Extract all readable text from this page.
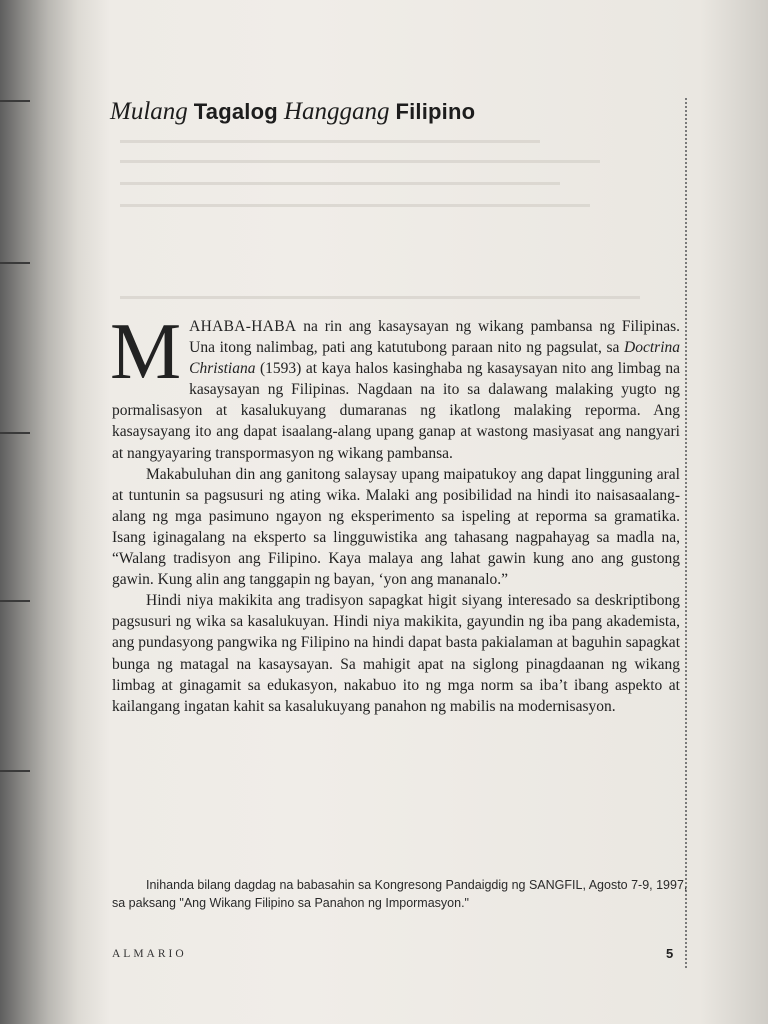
Mulang Tagalog Hanggang Filipino

MAHABA-HABA na rin ang kasaysayan ng wikang pambansa ng Filipinas. Una itong nalimbag, pati ang katutubong paraan nito ng pagsulat, sa Doctrina Christiana (1593) at kaya halos kasinghaba ng kasaysayan nito ang limbag na kasaysayan ng Filipinas. Nagdaan na ito sa dalawang malaking yugto ng pormalisasyon at kasalukuyang dumaranas ng ikatlong malaking reporma. Ang kasaysayang ito ang dapat isaalang-alang upang ganap at wastong masiyasat ang nangyari at nangyayaring transpormasyon ng wikang pambansa.

Makabuluhan din ang ganitong salaysay upang maipatukoy ang dapat lingguning aral at tuntunin sa pagsusuri ng ating wika. Malaki ang posibilidad na hindi ito naisasaalang-alang ng mga pasimuno ngayon ng eksperimento sa ispeling at reporma sa gramatika. Isang iginagalang na eksperto sa lingguwistika ang tahasang nagpahayag sa madla na, “Walang tradisyon ang Filipino. Kaya malaya ang lahat gawin kung ano ang gustong gawin. Kung alin ang tanggapin ng bayan, ‘yon ang mananalo.”

Hindi niya makikita ang tradisyon sapagkat higit siyang interesado sa deskriptibong pagsusuri ng wika sa kasalukuyan. Hindi niya makikita, gayundin ng iba pang akademista, ang pundasyong pangwika ng Filipino na hindi dapat basta pakialaman at baguhin sapagkat bunga ng matagal na kasaysayan. Sa mahigit apat na siglong pinagdaanan ng wikang limbag at ginagamit sa edukasyon, nakabuo ito ng mga norm sa iba’t ibang aspekto at kailangang ingatan kahit sa kasalukuyang panahon ng mabilis na modernisasyon.

Inihanda bilang dagdag na babasahin sa Kongresong Pandaigdig ng SANGFIL, Agosto 7-9, 1997, sa paksang "Ang Wikang Filipino sa Panahon ng Impormasyon."

ALMARIO	5
